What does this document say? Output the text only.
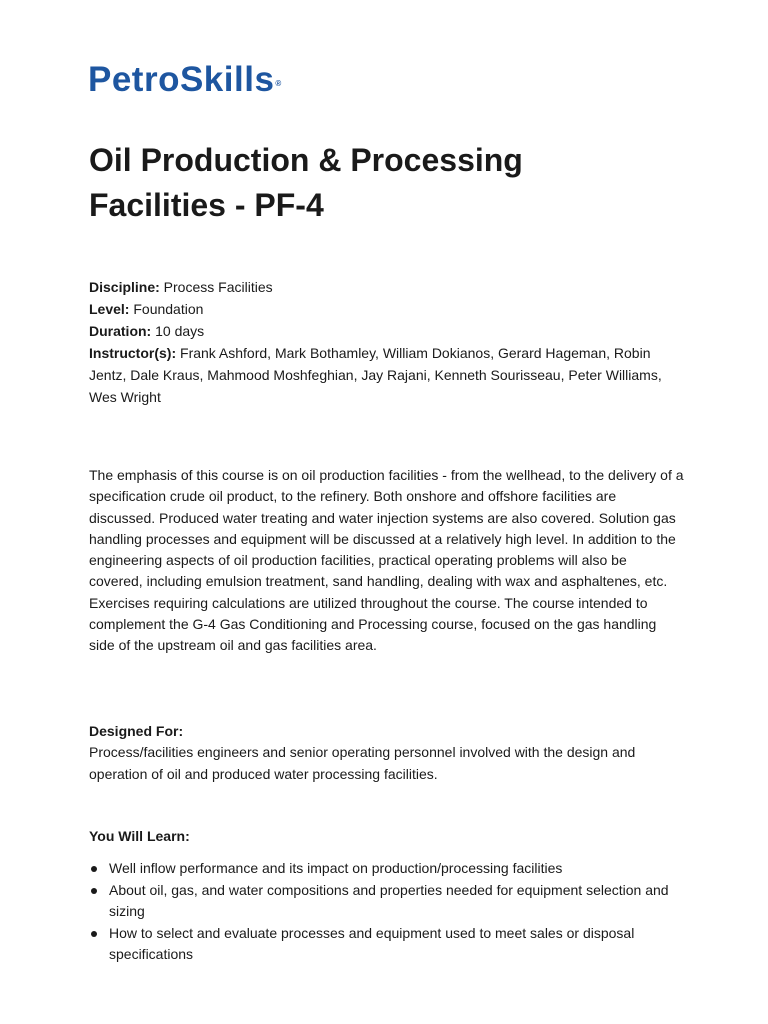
PetroSkills®
Oil Production & Processing
Facilities - PF-4
Discipline: Process Facilities
Level: Foundation
Duration: 10 days
Instructor(s): Frank Ashford, Mark Bothamley, William Dokianos, Gerard Hageman, Robin Jentz, Dale Kraus, Mahmood Moshfeghian, Jay Rajani, Kenneth Sourisseau, Peter Williams, Wes Wright

The emphasis of this course is on oil production facilities - from the wellhead, to the delivery of a specification crude oil product, to the refinery. Both onshore and offshore facilities are discussed. Produced water treating and water injection systems are also covered. Solution gas handling processes and equipment will be discussed at a relatively high level. In addition to the engineering aspects of oil production facilities, practical operating problems will also be covered, including emulsion treatment, sand handling, dealing with wax and asphaltenes, etc. Exercises requiring calculations are utilized throughout the course. The course intended to complement the G-4 Gas Conditioning and Processing course, focused on the gas handling side of the upstream oil and gas facilities area.

Designed For:

Process/facilities engineers and senior operating personnel involved with the design and operation of oil and produced water processing facilities.

You Will Learn:
Well inflow performance and its impact on production/processing facilities
About oil, gas, and water compositions and properties needed for equipment selection and sizing
How to select and evaluate processes and equipment used to meet sales or disposal specifications
